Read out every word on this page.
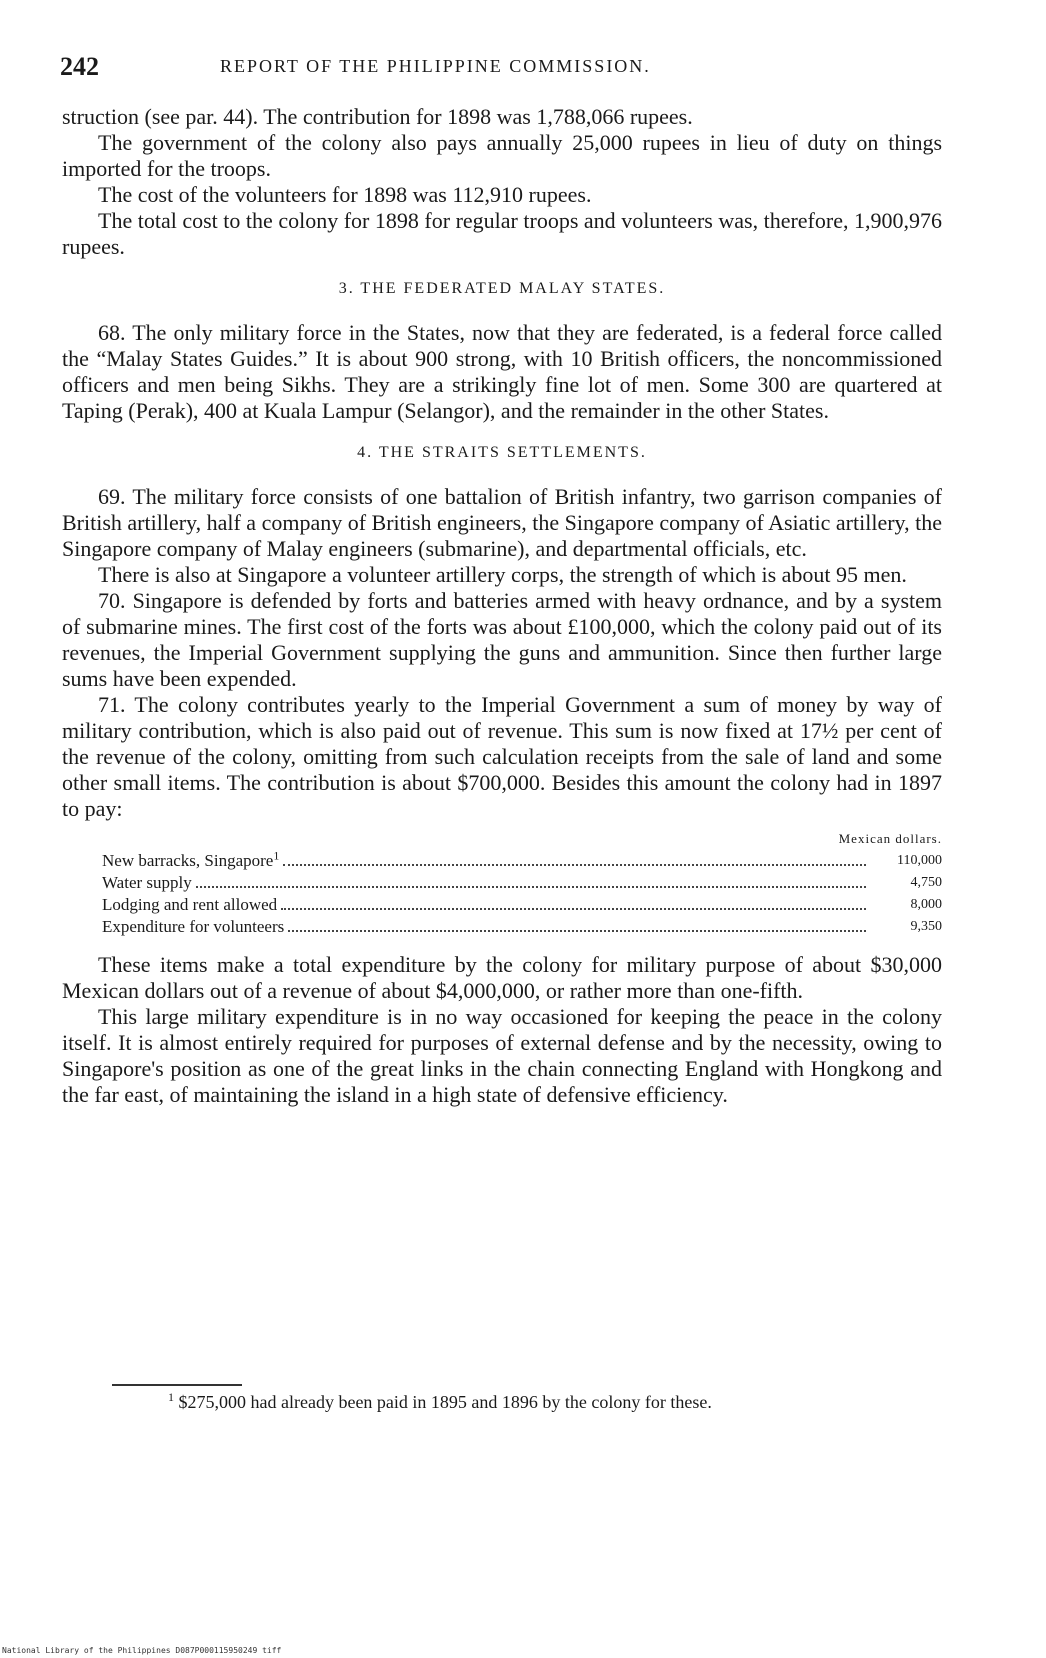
242	REPORT OF THE PHILIPPINE COMMISSION.

struction (see par. 44). The contribution for 1898 was 1,788,066 rupees.

The government of the colony also pays annually 25,000 rupees in lieu of duty on things imported for the troops.

The cost of the volunteers for 1898 was 112,910 rupees.

The total cost to the colony for 1898 for regular troops and volunteers was, therefore, 1,900,976 rupees.

3. THE FEDERATED MALAY STATES.

68. The only military force in the States, now that they are federated, is a federal force called the “Malay States Guides.” It is about 900 strong, with 10 British officers, the noncommissioned officers and men being Sikhs. They are a strikingly fine lot of men. Some 300 are quartered at Taping (Perak), 400 at Kuala Lampur (Selangor), and the remainder in the other States.

4. THE STRAITS SETTLEMENTS.

69. The military force consists of one battalion of British infantry, two garrison companies of British artillery, half a company of British engineers, the Singapore company of Asiatic artillery, the Singapore company of Malay engineers (submarine), and departmental officials, etc.

There is also at Singapore a volunteer artillery corps, the strength of which is about 95 men.

70. Singapore is defended by forts and batteries armed with heavy ordnance, and by a system of submarine mines. The first cost of the forts was about £100,000, which the colony paid out of its revenues, the Imperial Government supplying the guns and ammunition. Since then further large sums have been expended.

71. The colony contributes yearly to the Imperial Government a sum of money by way of military contribution, which is also paid out of revenue. This sum is now fixed at 17½ per cent of the revenue of the colony, omitting from such calculation receipts from the sale of land and some other small items. The contribution is about $700,000. Besides this amount the colony had in 1897 to pay:

Mexican dollars.
New barracks, Singapore$^1$	110,000
Water supply	4,750
Lodging and rent allowed	8,000
Expenditure for volunteers	9,350

These items make a total expenditure by the colony for military purpose of about $30,000 Mexican dollars out of a revenue of about $4,000,000, or rather more than one-fifth.

This large military expenditure is in no way occasioned for keeping the peace in the colony itself. It is almost entirely required for purposes of external defense and by the necessity, owing to Singapore's position as one of the great links in the chain connecting England with Hongkong and the far east, of maintaining the island in a high state of defensive efficiency.

$^1$ $275,000 had already been paid in 1895 and 1896 by the colony for these.
National Library of the Philippines D087P000115950249 tiff
